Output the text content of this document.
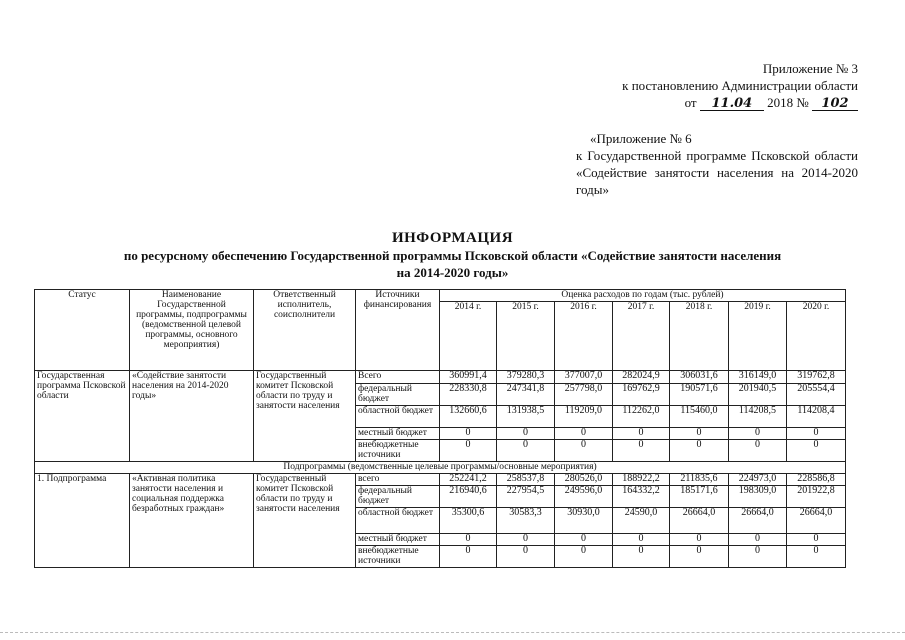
Приложение № 3
к постановлению Администрации области
от 11.04 2018 № 102
«Приложение № 6
к Государственной программе Псковской области «Содействие занятости населения на 2014-2020 годы»
ИНФОРМАЦИЯ
по ресурсному обеспечению Государственной программы Псковской области «Содействие занятости населения
на 2014-2020 годы»
Статус	Наименование Государственной программы, подпрограммы (ведомственной целевой программы, основного мероприятия)	Ответственный исполнитель, соисполнители	Источники финансирования	Оценка расходов по годам (тыс. рублей)						
				2014 г.	2015 г.	2016 г.	2017 г.	2018 г.	2019 г.	2020 г.
Государственная программа Псковской области	«Содействие занятости населения на 2014-2020 годы»	Государственный комитет Псковской области по труду и занятости населения	Всего	360991,4	379280,3	377007,0	282024,9	306031,6	316149,0	319762,8
			федеральный бюджет	228330,8	247341,8	257798,0	169762,9	190571,6	201940,5	205554,4
			областной бюджет	132660,6	131938,5	119209,0	112262,0	115460,0	114208,5	114208,4
			местный бюджет	0	0	0	0	0	0	0
			внебюджетные источники	0	0	0	0	0	0	0
Подпрограммы (ведомственные целевые программы/основные мероприятия)										
1. Подпрограмма	«Активная политика занятости населения и социальная поддержка безработных граждан»	Государственный комитет Псковской области по труду и занятости населения	всего	252241,2	258537,8	280526,0	188922,2	211835,6	224973,0	228586,8
			федеральный бюджет	216940,6	227954,5	249596,0	164332,2	185171,6	198309,0	201922,8
			областной бюджет	35300,6	30583,3	30930,0	24590,0	26664,0	26664,0	26664,0
			местный бюджет	0	0	0	0	0	0	0
			внебюджетные источники	0	0	0	0	0	0	0
